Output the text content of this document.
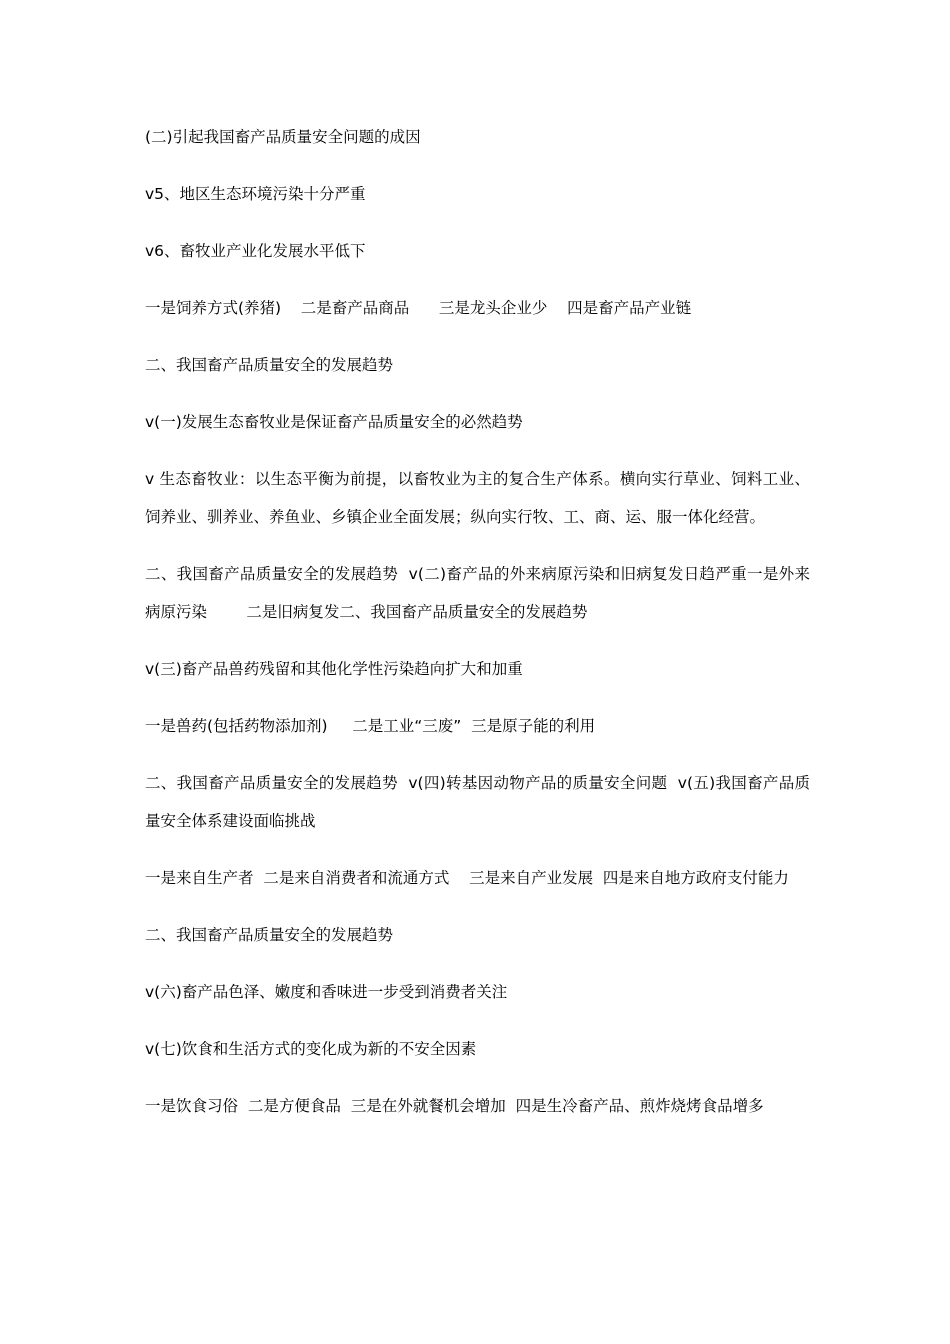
(二)引起我国畜产品质量安全问题的成因

v5、地区生态环境污染十分严重

v6、畜牧业产业化发展水平低下

一是饲养方式(养猪)    二是畜产品商品      三是龙头企业少    四是畜产品产业链

二、我国畜产品质量安全的发展趋势

v(一)发展生态畜牧业是保证畜产品质量安全的必然趋势

v 生态畜牧业：以生态平衡为前提，以畜牧业为主的复合生产体系。横向实行草业、饲料工业、饲养业、驯养业、养鱼业、乡镇企业全面发展；纵向实行牧、工、商、运、服一体化经营。

二、我国畜产品质量安全的发展趋势  v(二)畜产品的外来病原污染和旧病复发日趋严重一是外来病原污染        二是旧病复发二、我国畜产品质量安全的发展趋势

v(三)畜产品兽药残留和其他化学性污染趋向扩大和加重

一是兽药(包括药物添加剂)     二是工业“三废”  三是原子能的利用

二、我国畜产品质量安全的发展趋势  v(四)转基因动物产品的质量安全问题  v(五)我国畜产品质量安全体系建设面临挑战

一是来自生产者  二是来自消费者和流通方式    三是来自产业发展  四是来自地方政府支付能力

二、我国畜产品质量安全的发展趋势

v(六)畜产品色泽、嫩度和香味进一步受到消费者关注

v(七)饮食和生活方式的变化成为新的不安全因素

一是饮食习俗  二是方便食品  三是在外就餐机会增加  四是生冷畜产品、煎炸烧烤食品增多
